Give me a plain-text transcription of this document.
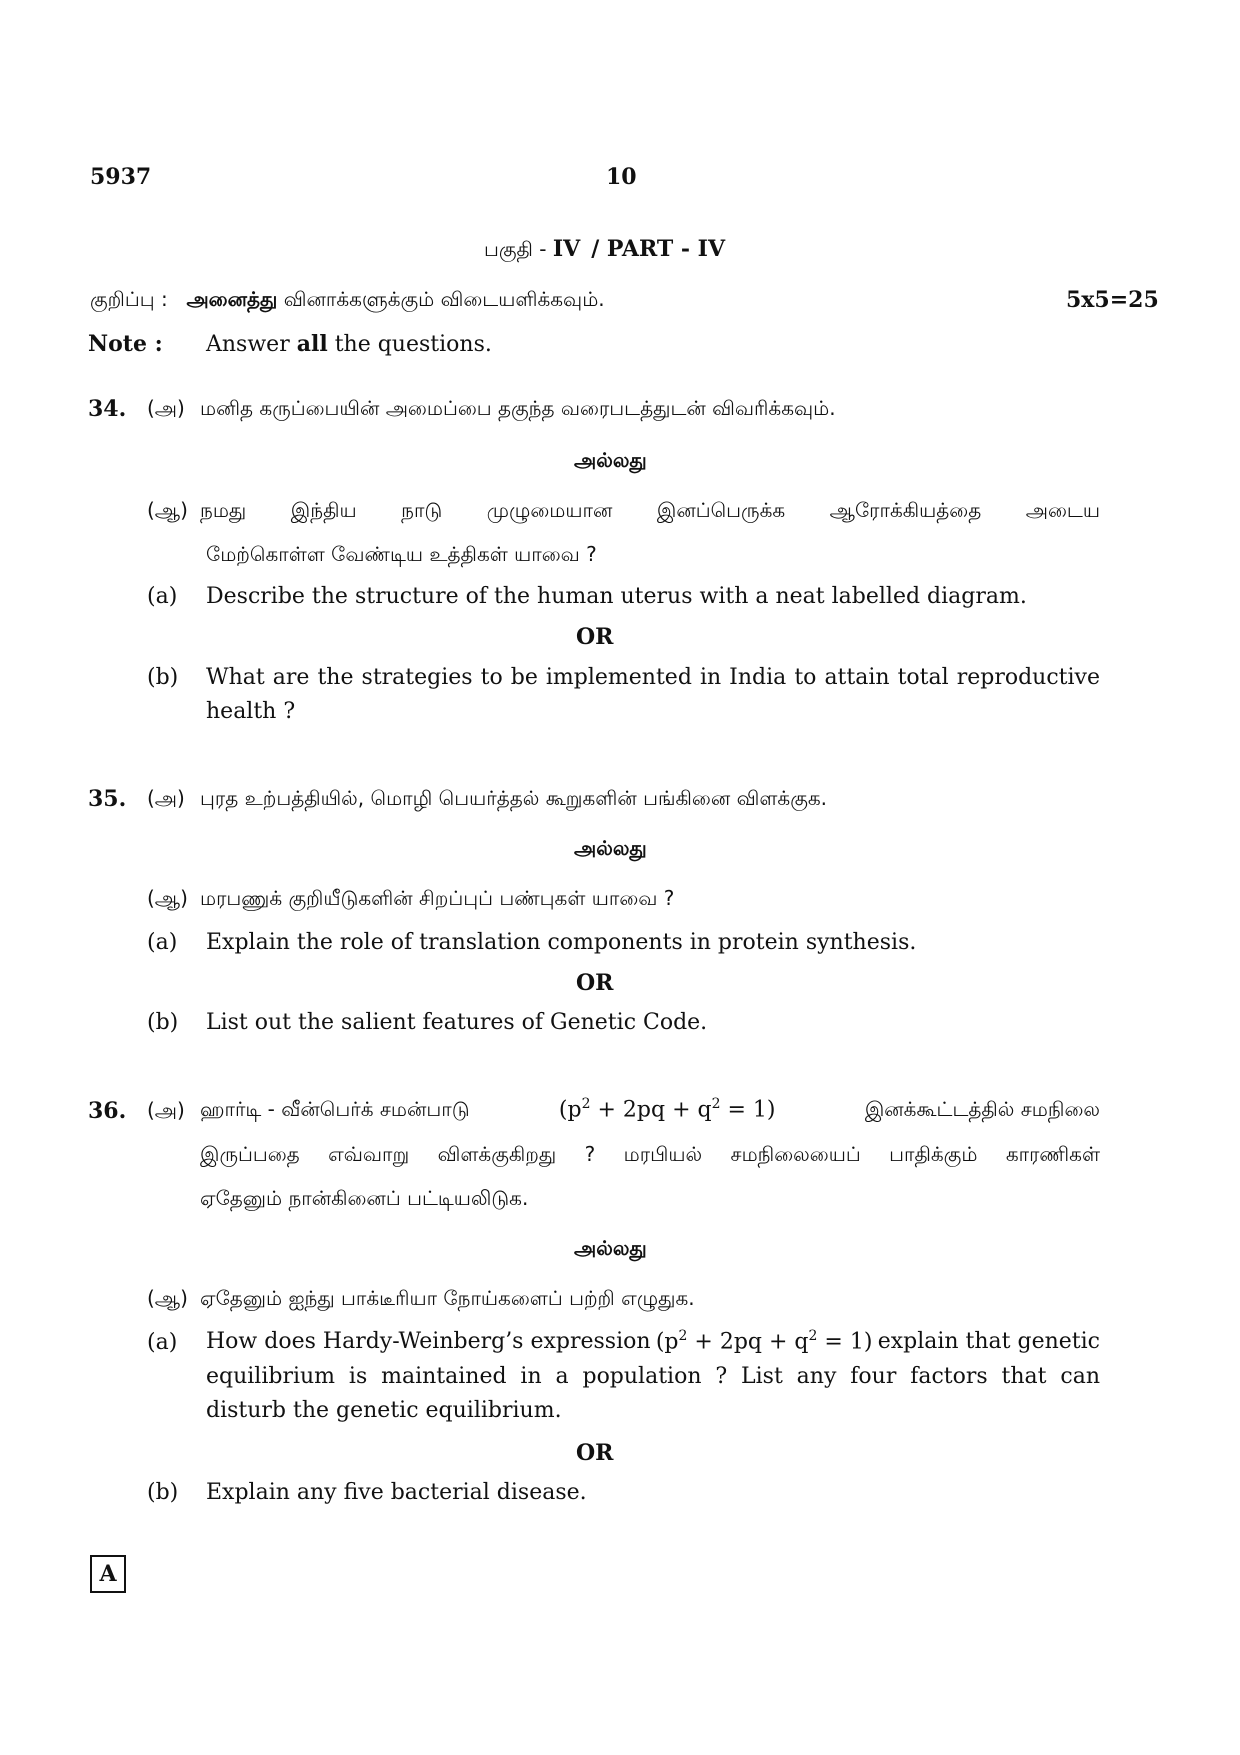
5937	10
பகுதி - IV / PART - IV
குறிப்பு : அனைத்து வினாக்களுக்கும் விடையளிக்கவும்.	5x5=25
Note : Answer all the questions.
34. (அ) மனித கருப்பையின் அமைப்பை தகுந்த வரைபடத்துடன் விவரிக்கவும்.
அல்லது
(ஆ) நமது இந்திய நாடு முழுமையான இனப்பெருக்க ஆரோக்கியத்தை அடைய
மேற்கொள்ள வேண்டிய உத்திகள் யாவை ?
(a) Describe the structure of the human uterus with a neat labelled diagram.
OR
(b) What are the strategies to be implemented in India to attain total reproductive
health ?
35. (அ) புரத உற்பத்தியில், மொழி பெயர்த்தல் கூறுகளின் பங்கினை விளக்குக.
அல்லது
(ஆ) மரபணுக் குறியீடுகளின் சிறப்புப் பண்புகள் யாவை ?
(a) Explain the role of translation components in protein synthesis.
OR
(b) List out the salient features of Genetic Code.
36. (அ) ஹார்டி - வீன்பெர்க் சமன்பாடு	$(p^2 + 2pq + q^2 = 1)$	இனக்கூட்டத்தில் சமநிலை
இருப்பதை எவ்வாறு விளக்குகிறது ? மரபியல் சமநிலையைப் பாதிக்கும் காரணிகள்
ஏதேனும் நான்கினைப் பட்டியலிடுக.
அல்லது
(ஆ) ஏதேனும் ஐந்து பாக்டீரியா நோய்களைப் பற்றி எழுதுக.
(a) How does Hardy-Weinberg’s expression $(p^2 + 2pq + q^2 = 1)$ explain that genetic
equilibrium is maintained in a population ? List any four factors that can
disturb the genetic equilibrium.
OR
(b) Explain any five bacterial disease.
A
